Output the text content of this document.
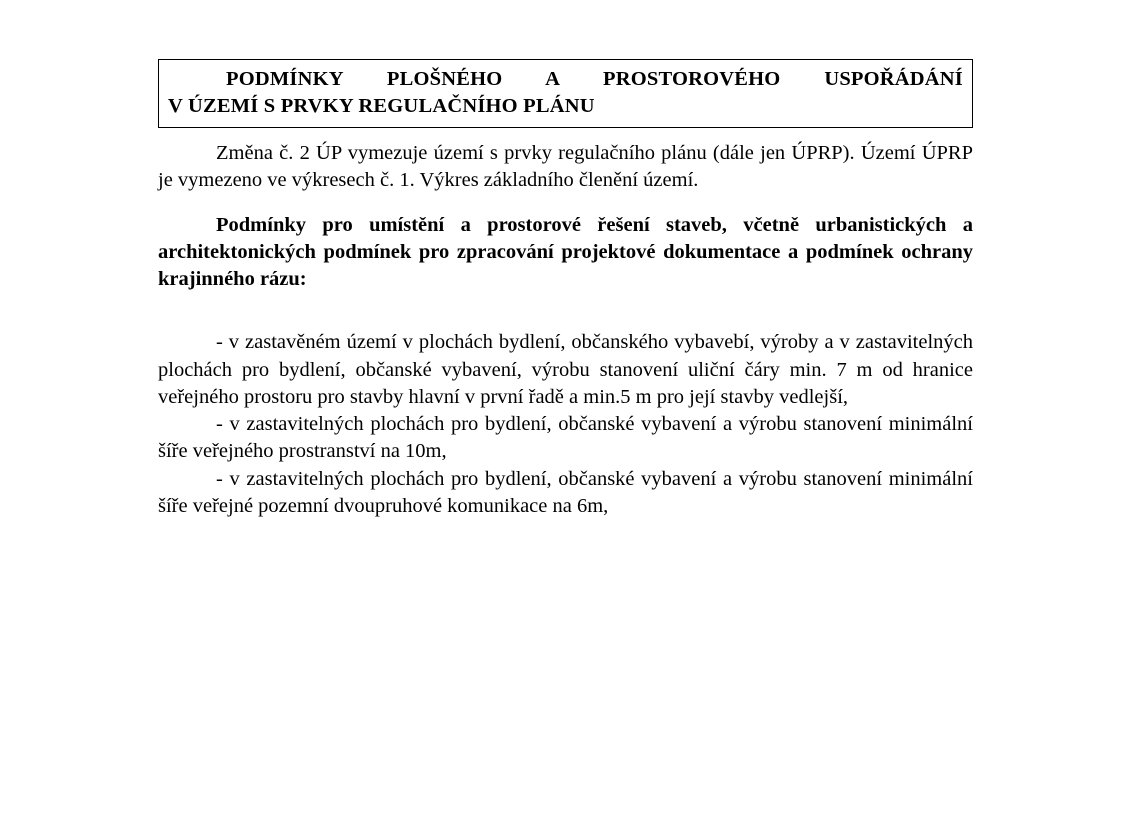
PODMÍNKY PLOŠNÉHO A PROSTOROVÉHO USPOŘÁDÁNÍ
V ÚZEMÍ S PRVKY REGULAČNÍHO PLÁNU

Změna č. 2 ÚP vymezuje území s prvky regulačního plánu (dále jen ÚPRP). Území ÚPRP je vymezeno ve výkresech č. 1. Výkres základního členění území.

Podmínky pro umístění a prostorové řešení staveb, včetně urbanistických a architektonických podmínek pro zpracování projektové dokumentace a podmínek ochrany krajinného rázu:

- v zastavěném území v plochách bydlení, občanského vybavebí, výroby a v zastavitelných plochách pro bydlení, občanské vybavení, výrobu stanovení uliční čáry min. 7 m od hranice veřejného prostoru pro stavby hlavní v první řadě a min.5 m pro její stavby vedlejší,

- v zastavitelných plochách pro bydlení, občanské vybavení a výrobu stanovení minimální šíře veřejného prostranství na 10m,

- v zastavitelných plochách pro bydlení, občanské vybavení a výrobu stanovení minimální šíře veřejné pozemní dvoupruhové komunikace na 6m,
